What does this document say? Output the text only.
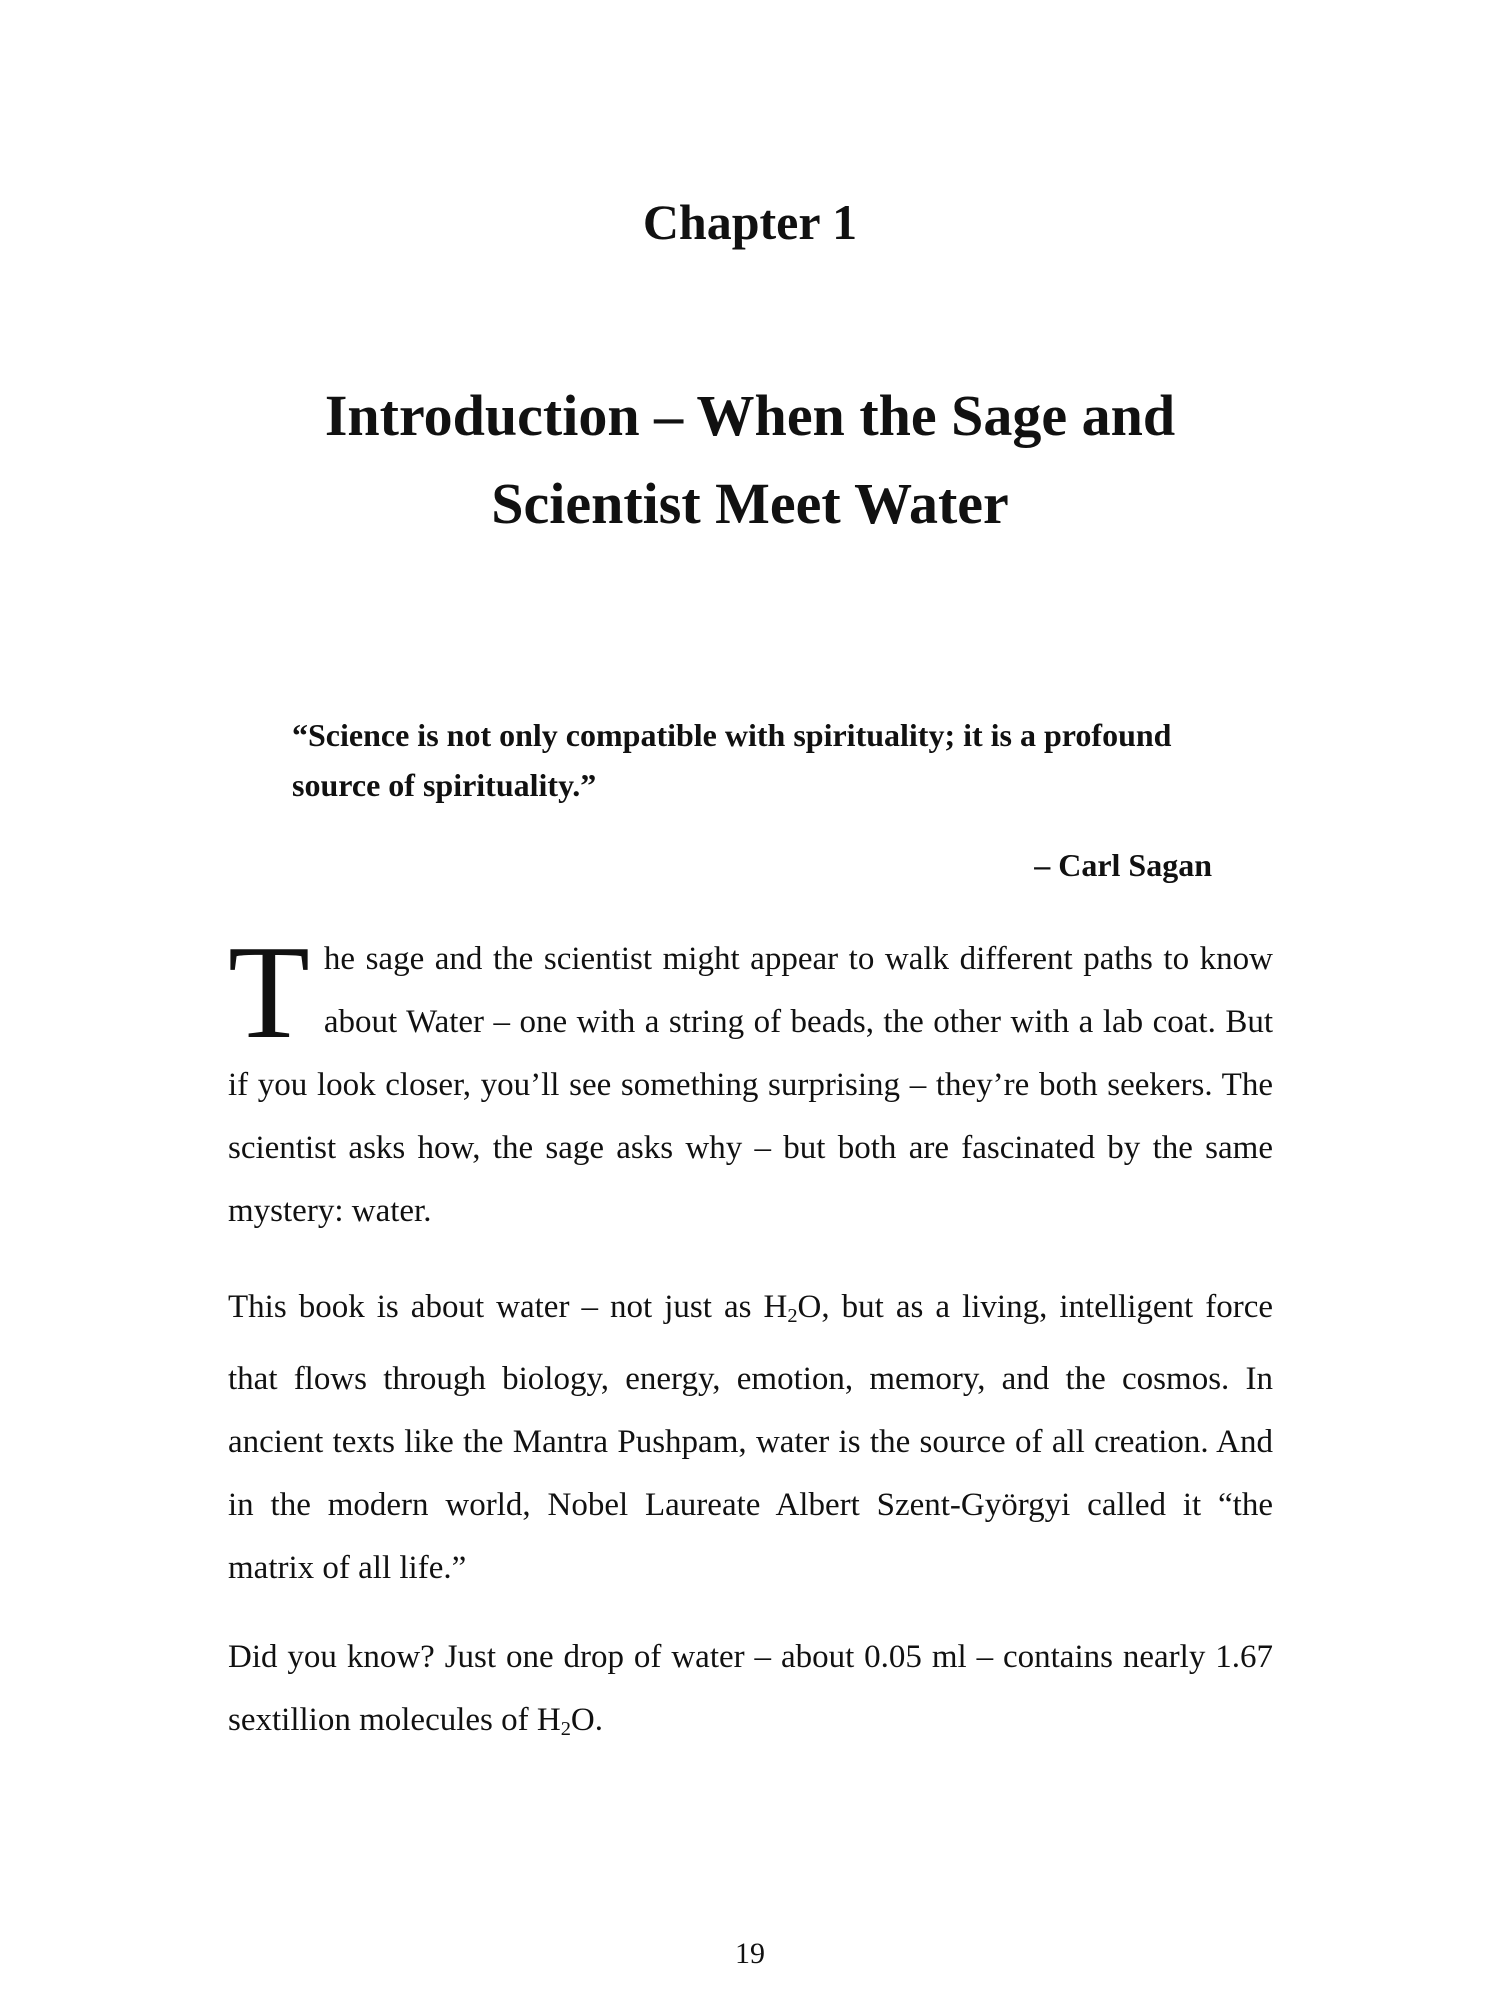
Chapter 1
Introduction – When the Sage and
Scientist Meet Water
“Science is not only compatible with spirituality; it is a profound source of spirituality.”
– Carl Sagan

The sage and the scientist might appear to walk different paths to know about Water – one with a string of beads, the other with a lab coat. But if you look closer, you’ll see something surprising – they’re both seekers. The scientist asks how, the sage asks why – but both are fascinated by the same mystery: water.

This book is about water – not just as $H_2O$, but as a living, intelligent force that flows through biology, energy, emotion, memory, and the cosmos. In ancient texts like the Mantra Pushpam, water is the source of all creation. And in the modern world, Nobel Laureate Albert Szent-Györgyi called it “the matrix of all life.”

Did you know? Just one drop of water – about 0.05 ml – contains nearly 1.67 sextillion molecules of $H_2O$.

19
